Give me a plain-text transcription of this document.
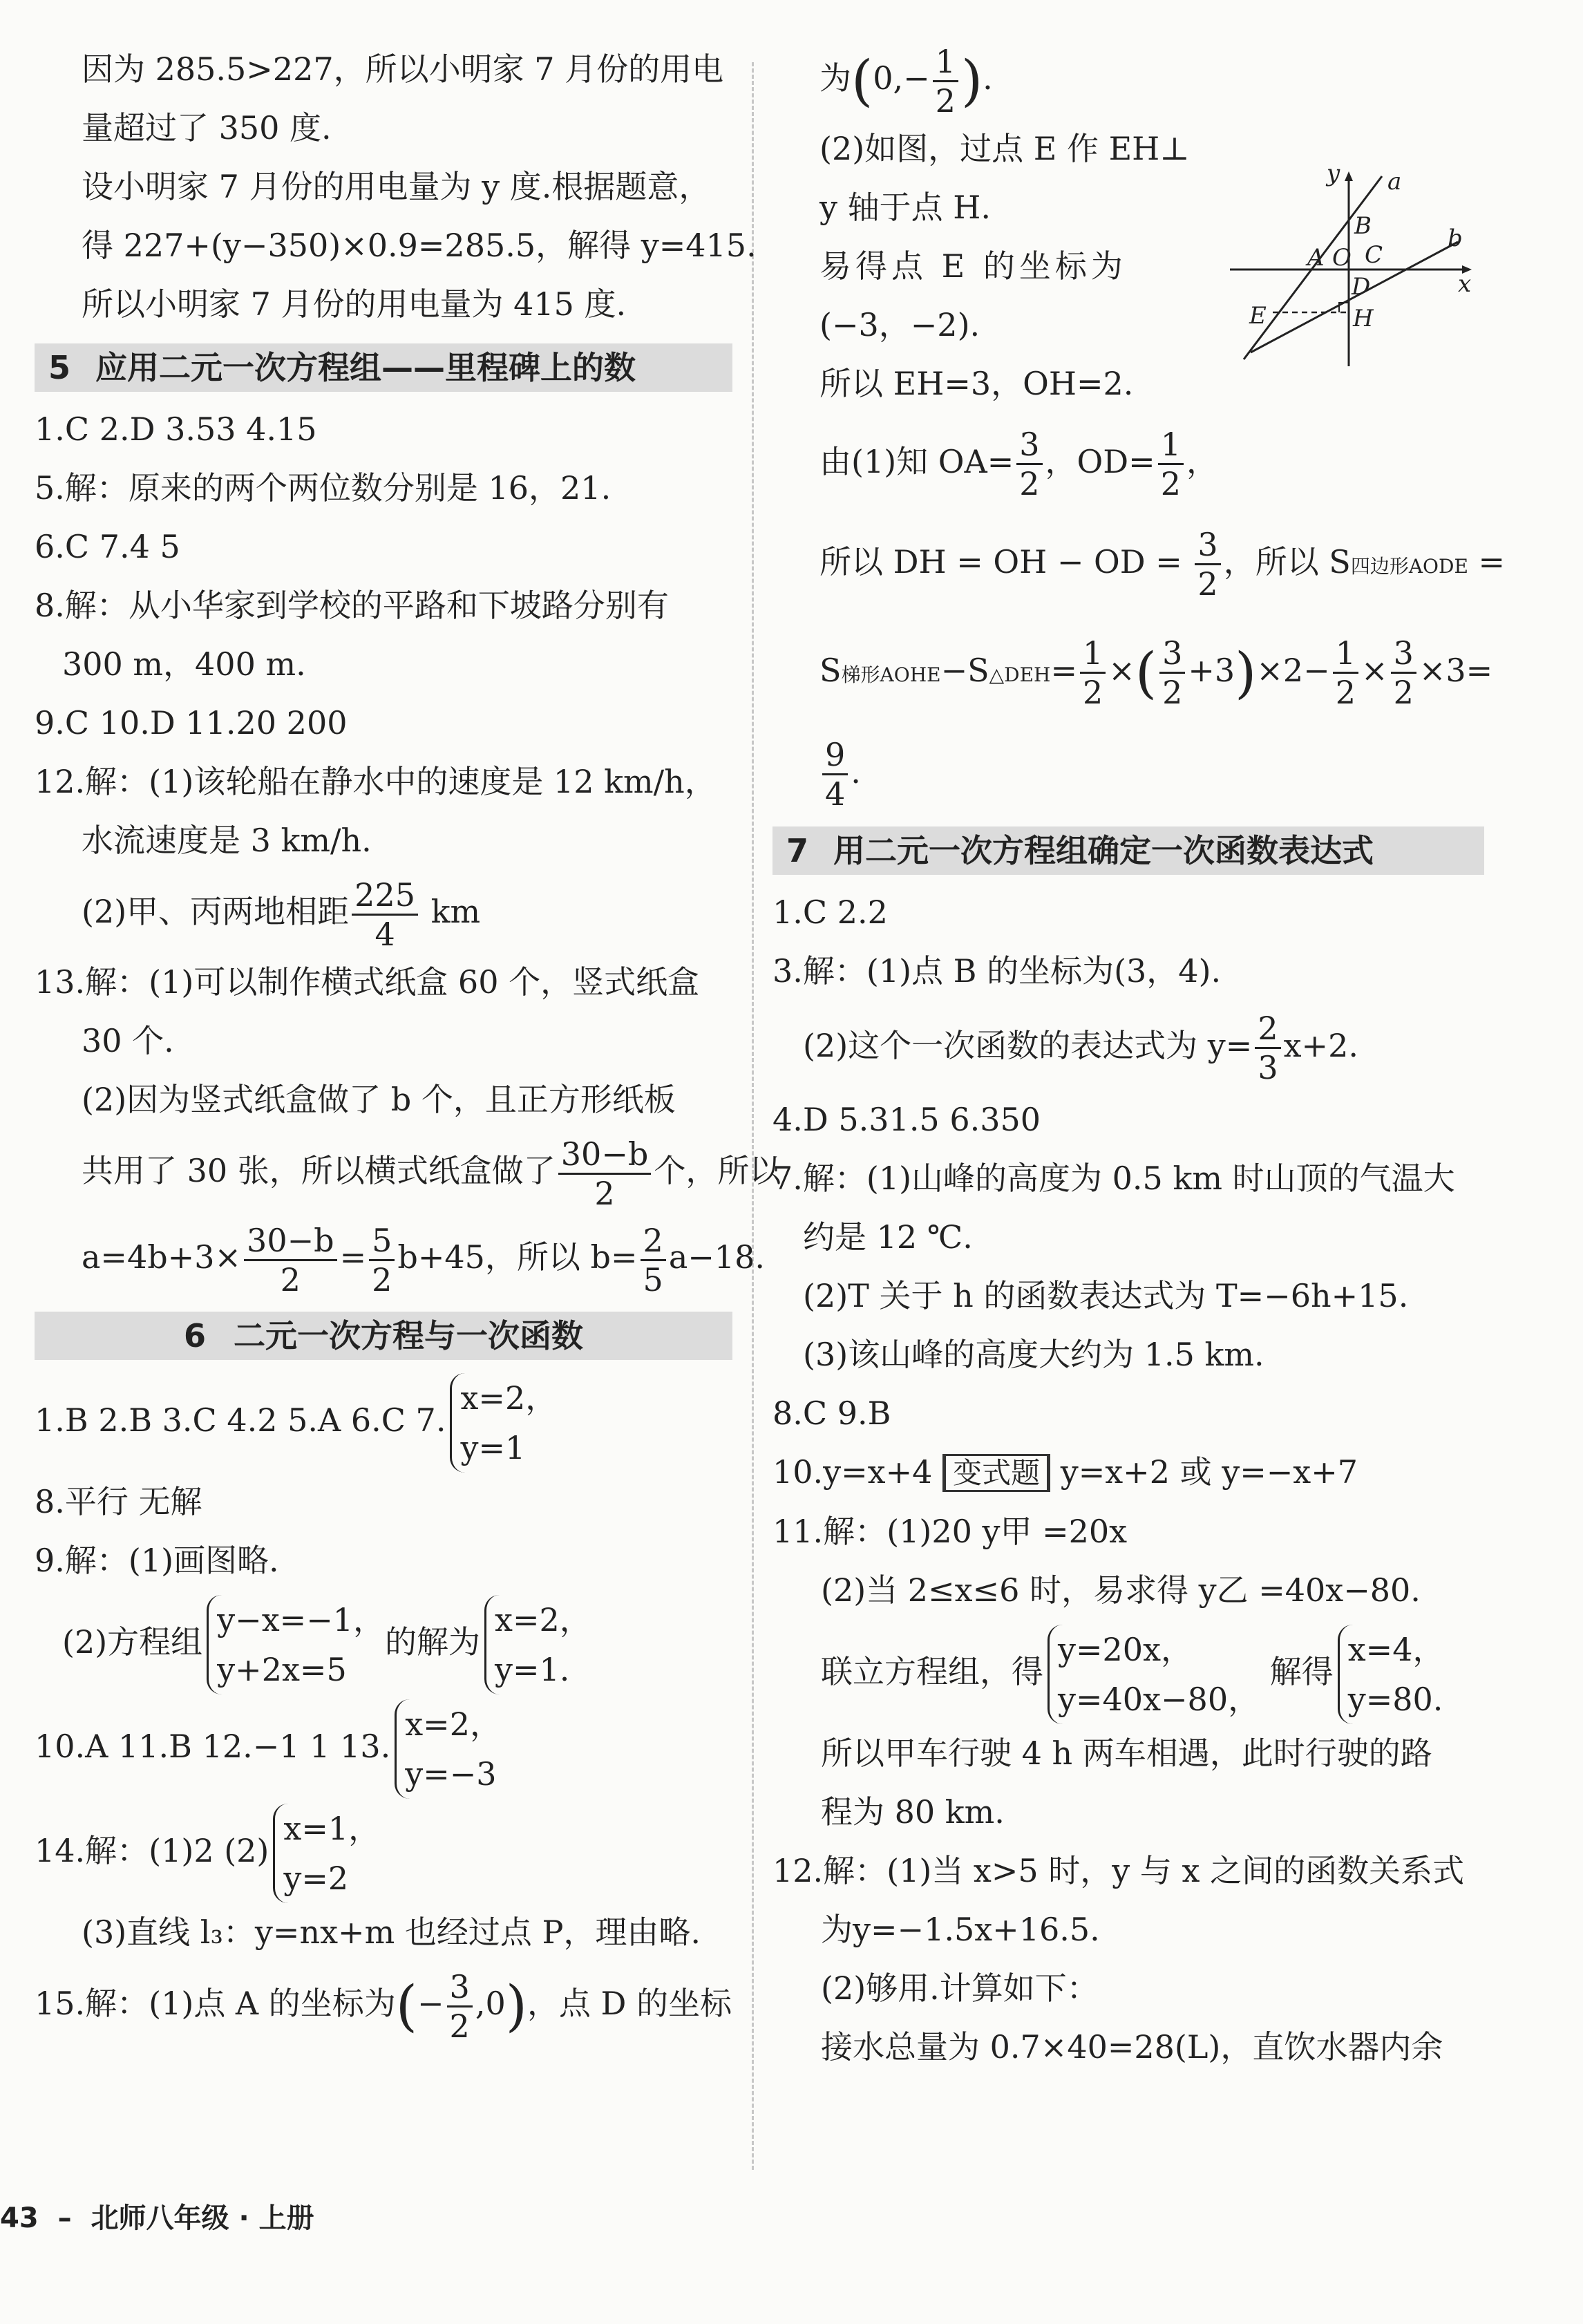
因为 285.5>227，所以小明家 7 月份的用电

量超过了 350 度.

设小明家 7 月份的用电量为 y 度.根据题意，

得 227+(y−350)×0.9=285.5，解得 y=415.

所以小明家 7 月份的用电量为 415 度.

5 应用二元一次方程组——里程碑上的数

1.C 2.D 3.53 4.15

5.解：原来的两个两位数分别是 16，21.

6.C 7.4 5

8.解：从小华家到学校的平路和下坡路分别有

300 m，400 m.

9.C 10.D 11.20 200

12.解：(1)该轮船在静水中的速度是 12 km/h，

水流速度是 3 km/h.

(2)甲、丙两地相距 $\frac{225}{4}$ km

13.解：(1)可以制作横式纸盒 60 个，竖式纸盒

30 个.

(2)因为竖式纸盒做了 b 个，且正方形纸板

共用了 30 张，所以横式纸盒做了 $\frac{30-b}{2}$ 个，所以

$a=4b+3\times \frac{30-b}{2} = \frac{5}{2} b+45$，所以 $b= \frac{2}{5} a-18$.

6 二元一次方程与一次函数

1.B 2.B 3.C 4.2 5.A 6.C 7.
x=2，
y=1

8.平行 无解

9.解：(1)画图略.

(2)方程组
y−x=−1，
y+2x=5
的解为
x=2，
y=1.

10.A 11.B 12.−1 1 13.
x=2，
y=−3

14.解：(1)2 (2)
x=1，
y=2

(3)直线 l₃：y=nx+m 也经过点 P，理由略.

15.解：(1)点 A 的坐标为(− $\frac{3}{2} ,0$)，点 D 的坐标

为($0,- \frac{1}{2}$ ).

(2)如图，过点 E 作 EH⊥

y 轴于点 H.

易得点 E 的坐标为

(−3，−2).

所以 EH=3，OH=2.

由(1)知 $OA= \frac{3}{2}$ ，$OD= \frac{1}{2}$ ，

所以 DH = OH − OD = $\frac{3}{2}$ ，所以 S四边形AODE =

S梯形AOHE−S△DEH= $\frac{1}{2}$ ×( $\frac{3}{2} +3)\times 2- \frac{1}{2} \times \frac{3}{2} \times 3=$

$\frac{9}{4}$ .

7 用二元一次方程组确定一次函数表达式

1.C 2.2

3.解：(1)点 B 的坐标为(3，4).

(2)这个一次函数的表达式为 $y= \frac{2}{3} x+2$.

4.D 5.31.5 6.350

7.解：(1)山峰的高度为 0.5 km 时山顶的气温大

约是 12 ℃.

(2)T 关于 h 的函数表达式为 T=−6h+15.

(3)该山峰的高度大约为 1.5 km.

8.C 9.B

10.y=x+4 变式题 y=x+2 或 y=−x+7

11.解：(1)20 y甲 =20x

(2)当 2≤x≤6 时，易求得 y乙 =40x−80.

联立方程组，得
y=20x，
y=40x−80，
解得
x=4，
y=80.

所以甲车行驶 4 h 两车相遇，此时行驶的路

程为 80 km.

12.解：(1)当 x>5 时，y 与 x 之间的函数关系式

为y=−1.5x+16.5.

(2)够用.计算如下：

接水总量为 0.7×40=28(L)，直饮水器内余

y a
B	b
A O C
x
D
E	H
43 – 北师八年级 · 上册
